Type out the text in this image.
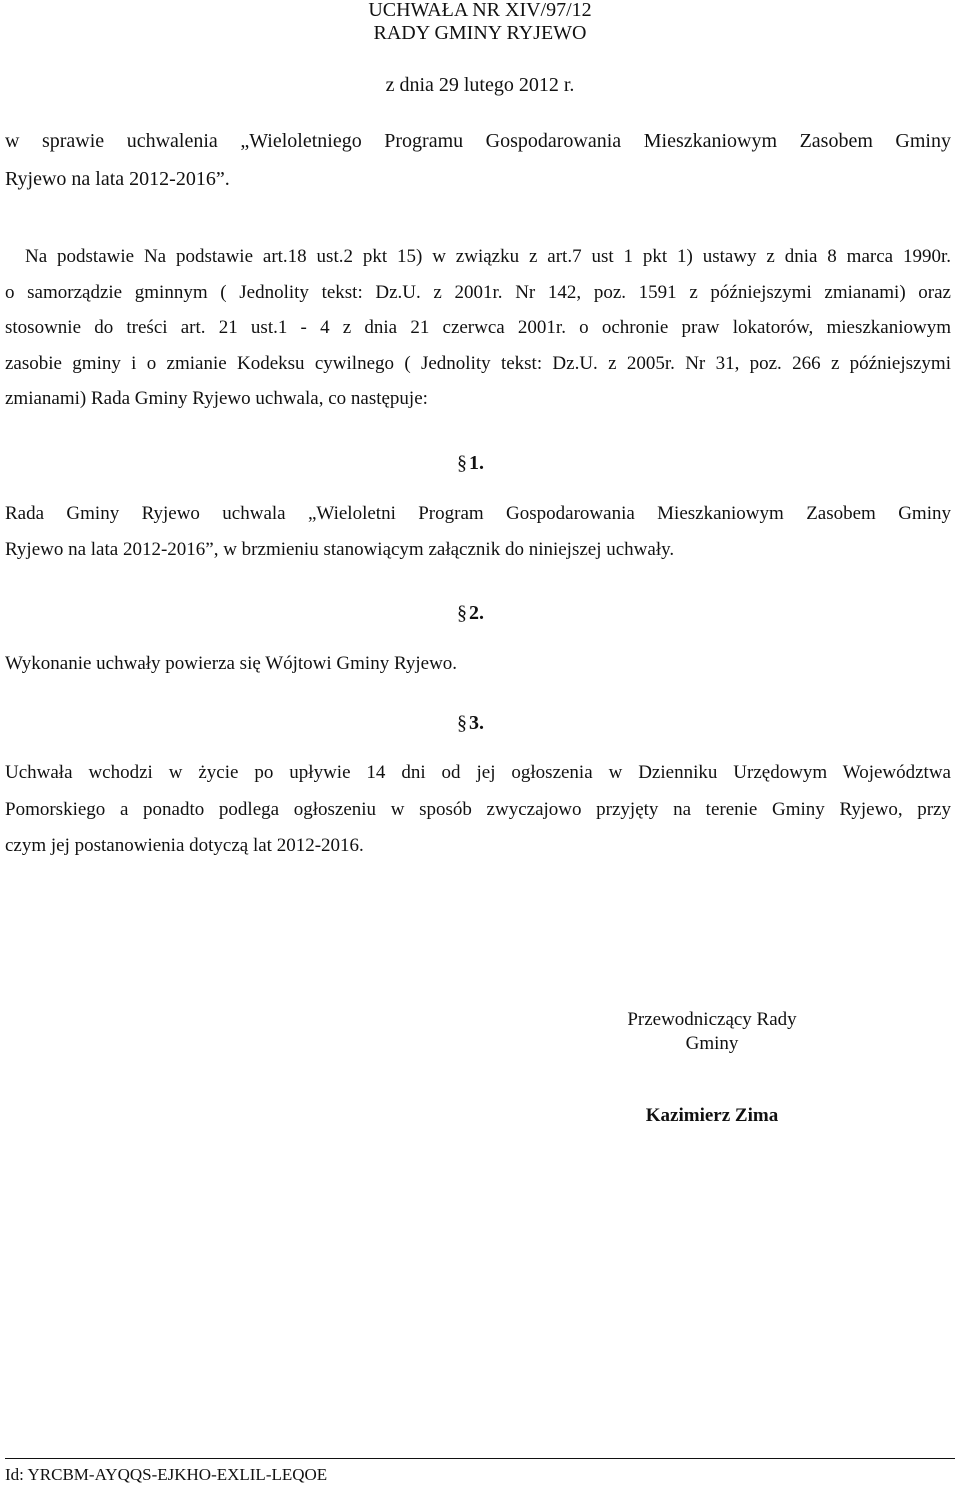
UCHWAŁA NR XIV/97/12
RADY GMINY RYJEWO
z dnia 29 lutego 2012 r.
w sprawie uchwalenia „Wieloletniego Programu Gospodarowania Mieszkaniowym Zasobem Gminy
Ryjewo na lata 2012-2016”.
Na podstawie Na podstawie art.18 ust.2 pkt 15) w związku z art.7 ust 1 pkt 1) ustawy z dnia 8 marca 1990r.
o samorządzie gminnym ( Jednolity tekst: Dz.U. z 2001r. Nr 142, poz. 1591 z późniejszymi zmianami) oraz
stosownie do treści art. 21 ust.1 - 4 z dnia 21 czerwca 2001r. o ochronie praw lokatorów, mieszkaniowym
zasobie gminy i o zmianie Kodeksu cywilnego ( Jednolity tekst: Dz.U. z 2005r. Nr 31, poz. 266 z późniejszymi
zmianami) Rada Gminy Ryjewo uchwala, co następuje:
§ 1.
Rada Gminy Ryjewo uchwala „Wieloletni Program Gospodarowania Mieszkaniowym Zasobem Gminy
Ryjewo na lata 2012-2016”, w brzmieniu stanowiącym załącznik do niniejszej uchwały.
§ 2.
Wykonanie uchwały powierza się Wójtowi Gminy Ryjewo.
§ 3.
Uchwała wchodzi w życie po upływie 14 dni od jej ogłoszenia w Dzienniku Urzędowym Województwa
Pomorskiego a ponadto podlega ogłoszeniu w sposób zwyczajowo przyjęty na terenie Gminy Ryjewo, przy
czym jej postanowienia dotyczą lat 2012-2016.
Przewodniczący Rady
Gminy
Kazimierz Zima
Id: YRCBM-AYQQS-EJKHO-EXLIL-LEQOE
